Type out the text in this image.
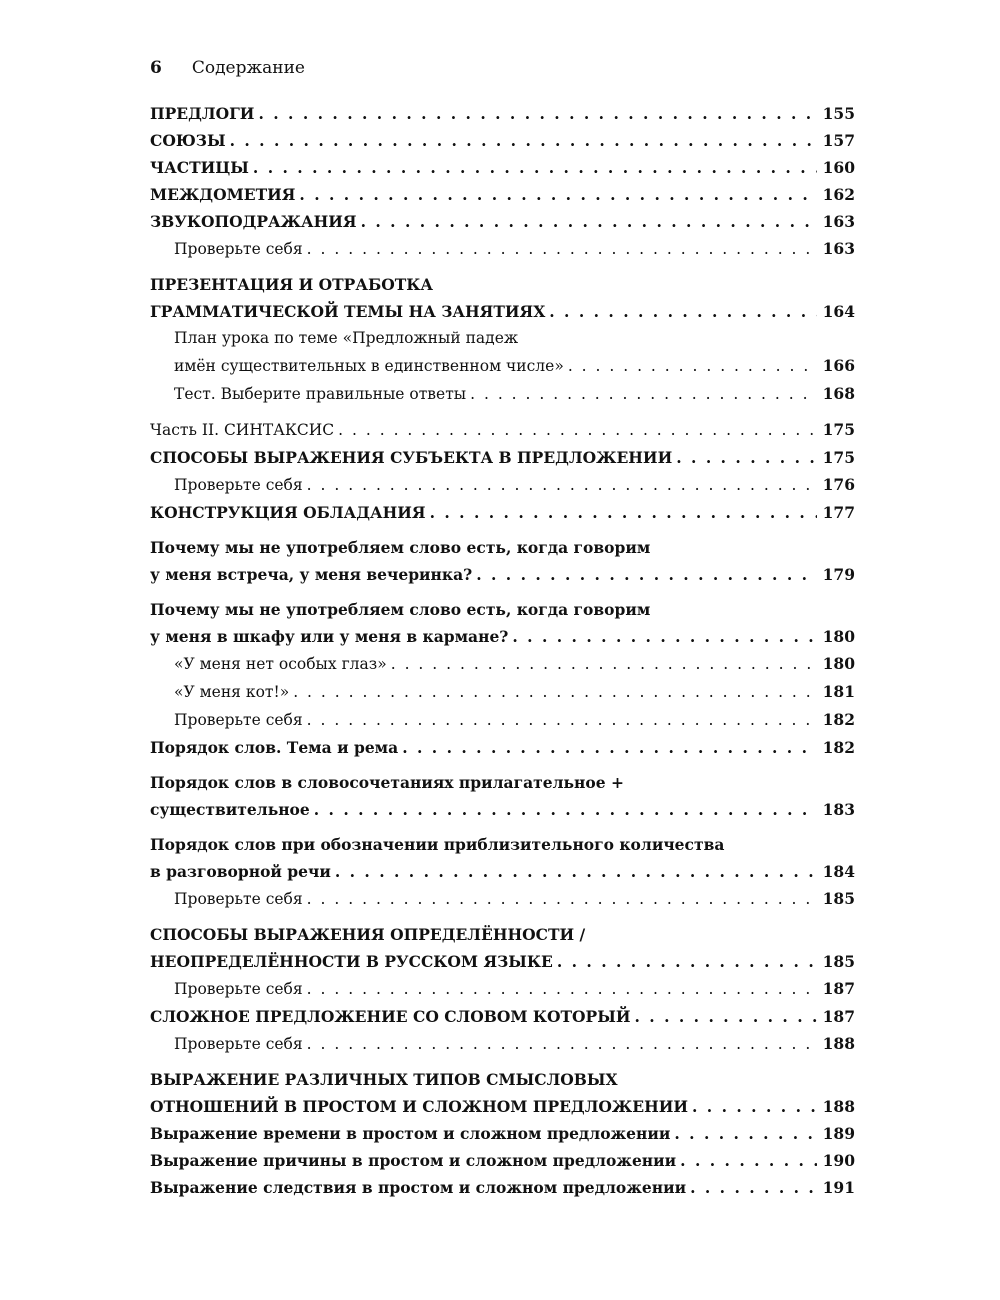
6 Содержание
ПРЕДЛОГИ . . .	155
СОЮЗЫ . . .	157
ЧАСТИЦЫ . . .	160
МЕЖДОМЕТИЯ . . .	162
ЗВУКОПОДРАЖАНИЯ . . .	163
Проверьте себя . . .	163
ПРЕЗЕНТАЦИЯ И ОТРАБОТКА
ГРАММАТИЧЕСКОЙ ТЕМЫ НА ЗАНЯТИЯХ . . .	164
План урока по теме «Предложный падеж
имён существительных в единственном числе» . . .	166
Тест. Выберите правильные ответы . . .	168
Часть II. СИНТАКСИС . . .	175
СПОСОБЫ ВЫРАЖЕНИЯ СУБЪЕКТА В ПРЕДЛОЖЕНИИ . . .	175
Проверьте себя . . .	176
КОНСТРУКЦИЯ ОБЛАДАНИЯ . . .	177
Почему мы не употребляем слово есть, когда говорим
у меня встреча, у меня вечеринка? . . .	179
Почему мы не употребляем слово есть, когда говорим
у меня в шкафу или у меня в кармане? . . .	180
«У меня нет особых глаз» . . .	180
«У меня кот!» . . .	181
Проверьте себя . . .	182
Порядок слов. Тема и рема . . .	182
Порядок слов в словосочетаниях прилагательное +
существительное . . .	183
Порядок слов при обозначении приблизительного количества
в разговорной речи . . .	184
Проверьте себя . . .	185
СПОСОБЫ ВЫРАЖЕНИЯ ОПРЕДЕЛЁННОСТИ /
НЕОПРЕДЕЛЁННОСТИ В РУССКОМ ЯЗЫКЕ . . .	185
Проверьте себя . . .	187
СЛОЖНОЕ ПРЕДЛОЖЕНИЕ СО СЛОВОМ КОТОРЫЙ . . .	187
Проверьте себя . . .	188
ВЫРАЖЕНИЕ РАЗЛИЧНЫХ ТИПОВ СМЫСЛОВЫХ
ОТНОШЕНИЙ В ПРОСТОМ И СЛОЖНОМ ПРЕДЛОЖЕНИИ . . .	188
Выражение времени в простом и сложном предложении . . .	189
Выражение причины в простом и сложном предложении . . .	190
Выражение следствия в простом и сложном предложении . . .	191
